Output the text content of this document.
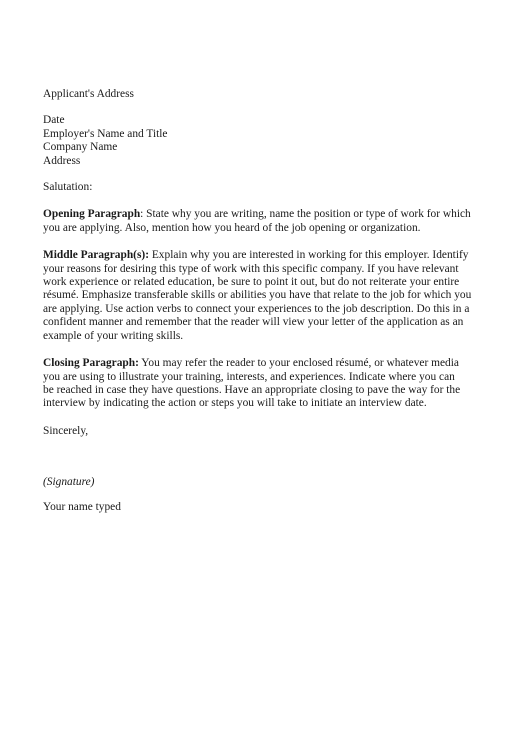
Applicant's Address
Date
Employer's Name and Title
Company Name
Address
Salutation:
Opening Paragraph: State why you are writing, name the position or type of work for which
you are applying. Also, mention how you heard of the job opening or organization.
Middle Paragraph(s): Explain why you are interested in working for this employer. Identify
your reasons for desiring this type of work with this specific company. If you have relevant
work experience or related education, be sure to point it out, but do not reiterate your entire
résumé. Emphasize transferable skills or abilities you have that relate to the job for which you
are applying. Use action verbs to connect your experiences to the job description. Do this in a
confident manner and remember that the reader will view your letter of the application as an
example of your writing skills.
Closing Paragraph: You may refer the reader to your enclosed résumé, or whatever media
you are using to illustrate your training, interests, and experiences. Indicate where you can
be reached in case they have questions. Have an appropriate closing to pave the way for the
interview by indicating the action or steps you will take to initiate an interview date.
Sincerely,
(Signature)
Your name typed
